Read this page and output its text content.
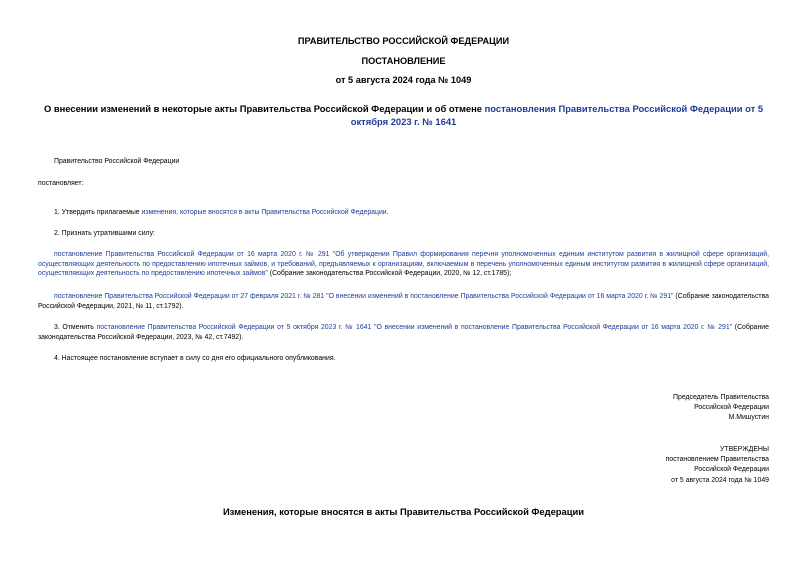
ПРАВИТЕЛЬСТВО РОССИЙСКОЙ ФЕДЕРАЦИИ
ПОСТАНОВЛЕНИЕ
от 5 августа 2024 года № 1049
О внесении изменений в некоторые акты Правительства Российской Федерации и об отмене постановления Правительства Российской Федерации от 5 октября 2023 г. № 1641
Правительство Российской Федерации
постановляет:
1. Утвердить прилагаемые изменения, которые вносятся в акты Правительства Российской Федерации.
2. Признать утратившими силу:
постановление Правительства Российской Федерации от 16 марта 2020 г. № 291 "Об утверждении Правил формирования перечня уполномоченных единым институтом развития в жилищной сфере организаций, осуществляющих деятельность по предоставлению ипотечных займов, и требований, предъявляемых к организациям, включаемым в перечень уполномоченных единым институтом развития в жилищной сфере организаций, осуществляющих деятельность по предоставлению ипотечных займов" (Собрание законодательства Российской Федерации, 2020, № 12, ст.1785);
постановление Правительства Российской Федерации от 27 февраля 2021 г. № 281 "О внесении изменений в постановление Правительства Российской Федерации от 16 марта 2020 г. № 291" (Собрание законодательства Российской Федерации, 2021, № 11, ст.1792).
3. Отменить постановление Правительства Российской Федерации от 5 октября 2023 г. № 1641 "О внесении изменений в постановление Правительства Российской Федерации от 16 марта 2020 г. № 291" (Собрание законодательства Российской Федерации, 2023, № 42, ст.7492).
4. Настоящее постановление вступает в силу со дня его официального опубликования.
Председатель Правительства
Российской Федерации
М.Мишустин
УТВЕРЖДЕНЫ
постановлением Правительства
Российской Федерации
от 5 августа 2024 года № 1049
Изменения, которые вносятся в акты Правительства Российской Федерации
